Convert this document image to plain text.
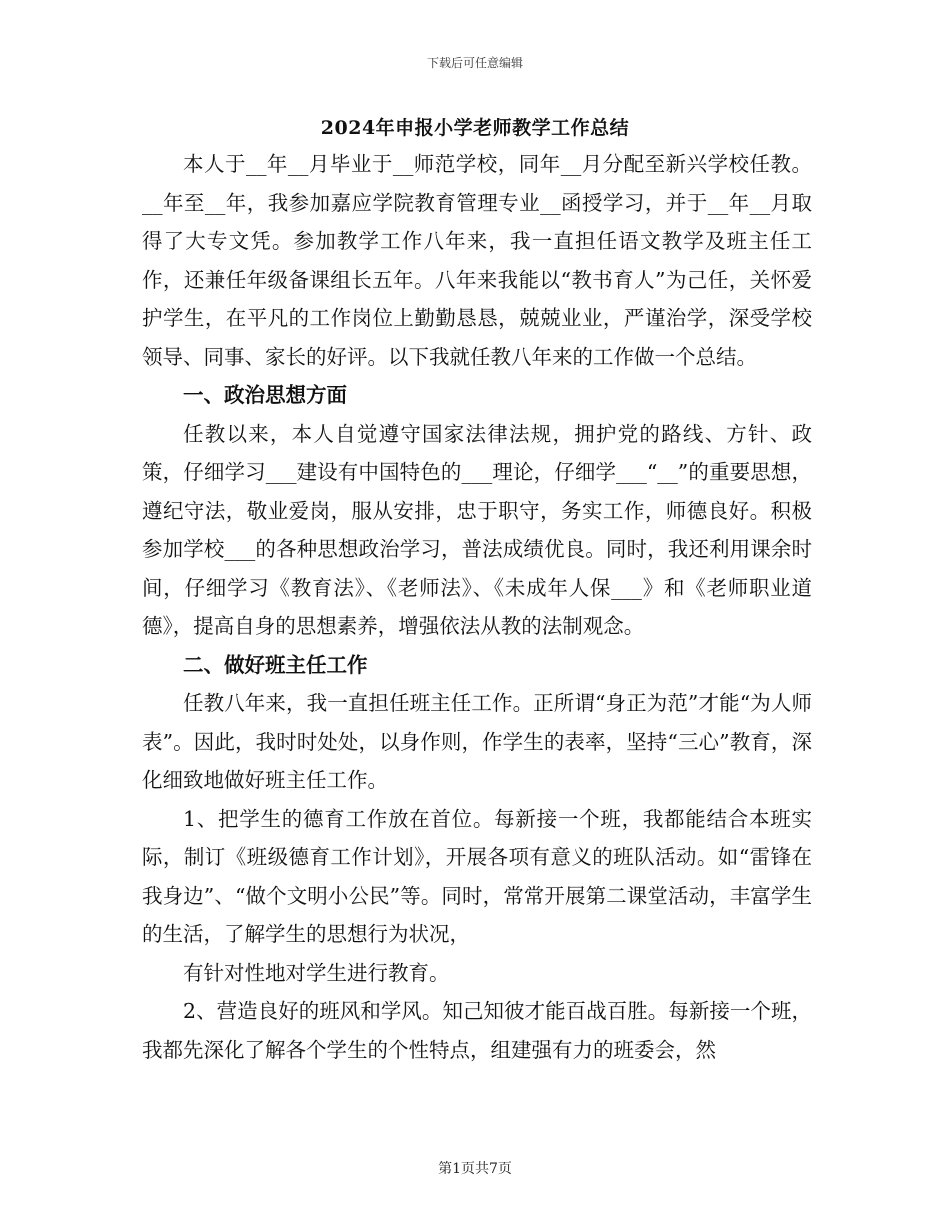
下载后可任意编辑
2024年申报小学老师教学工作总结

本人于__年__月毕业于__师范学校，同年__月分配至新兴学校任教。__年至__年，我参加嘉应学院教育管理专业__函授学习，并于__年__月取得了大专文凭。参加教学工作八年来，我一直担任语文教学及班主任工作，还兼任年级备课组长五年。八年来我能以“教书育人”为己任，关怀爱护学生，在平凡的工作岗位上勤勤恳恳，兢兢业业，严谨治学，深受学校领导、同事、家长的好评。以下我就任教八年来的工作做一个总结。

一、政治思想方面

任教以来，本人自觉遵守国家法律法规，拥护党的路线、方针、政策，仔细学习___建设有中国特色的___理论，仔细学___“__”的重要思想，遵纪守法，敬业爱岗，服从安排，忠于职守，务实工作，师德良好。积极参加学校___的各种思想政治学习，普法成绩优良。同时，我还利用课余时间，仔细学习《教育法》、《老师法》、《未成年人保___》和《老师职业道德》，提高自身的思想素养，增强依法从教的法制观念。

二、做好班主任工作

任教八年来，我一直担任班主任工作。正所谓“身正为范”才能“为人师表”。因此，我时时处处，以身作则，作学生的表率，坚持“三心”教育，深化细致地做好班主任工作。

1、把学生的德育工作放在首位。每新接一个班，我都能结合本班实际，制订《班级德育工作计划》，开展各项有意义的班队活动。如“雷锋在我身边”、“做个文明小公民”等。同时，常常开展第二课堂活动，丰富学生的生活，了解学生的思想行为状况，

有针对性地对学生进行教育。

2、营造良好的班风和学风。知己知彼才能百战百胜。每新接一个班，我都先深化了解各个学生的个性特点，组建强有力的班委会，然

第1页共7页
